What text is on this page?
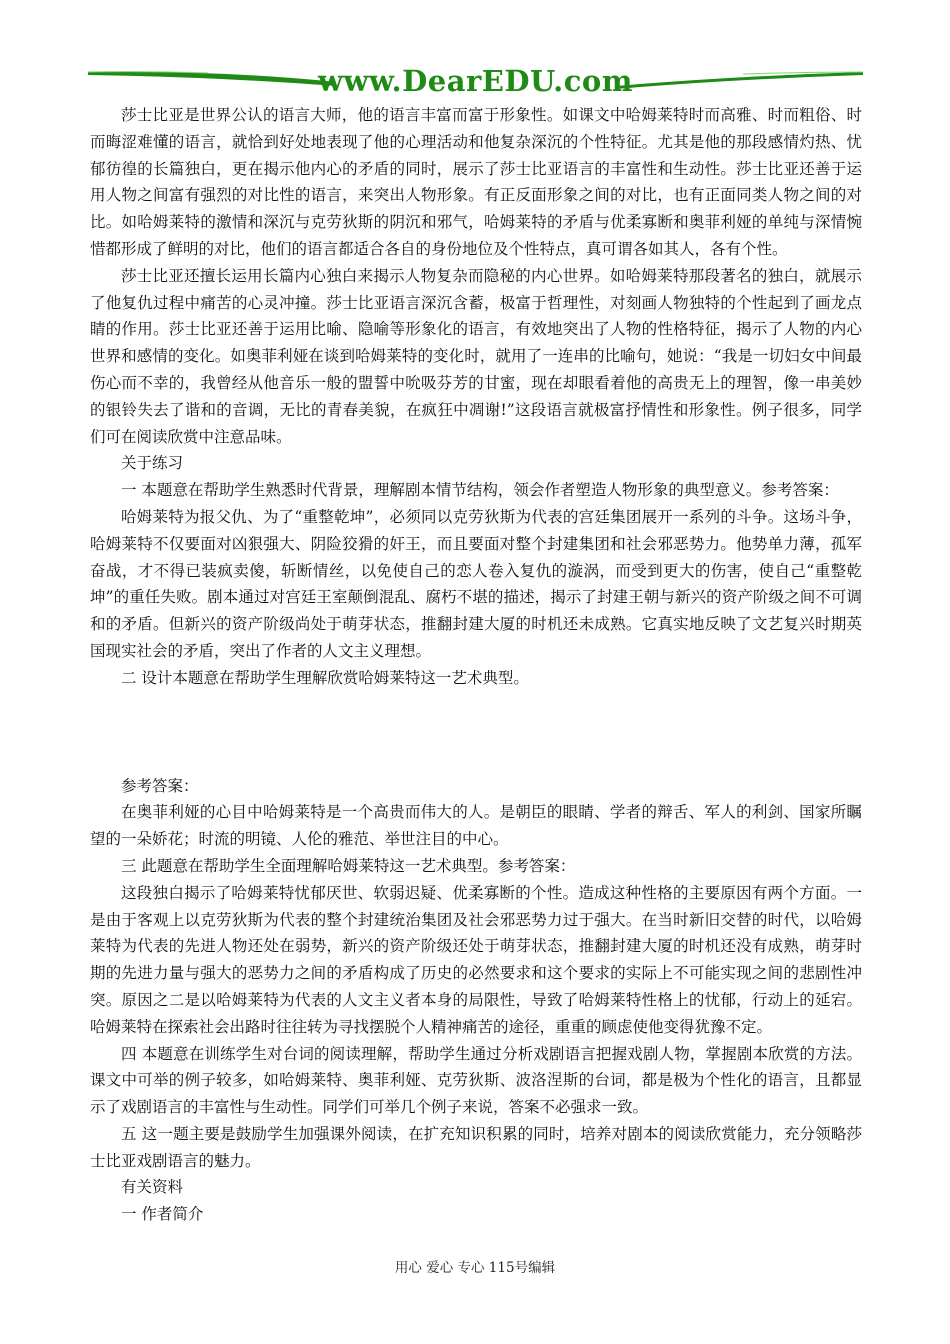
www.DearEDU.com

莎士比亚是世界公认的语言大师，他的语言丰富而富于形象性。如课文中哈姆莱特时而高雅、时而粗俗、时而晦涩难懂的语言，就恰到好处地表现了他的心理活动和他复杂深沉的个性特征。尤其是他的那段感情灼热、忧郁彷徨的长篇独白，更在揭示他内心的矛盾的同时，展示了莎士比亚语言的丰富性和生动性。莎士比亚还善于运用人物之间富有强烈的对比性的语言，来突出人物形象。有正反面形象之间的对比，也有正面同类人物之间的对比。如哈姆莱特的激情和深沉与克劳狄斯的阴沉和邪气，哈姆莱特的矛盾与优柔寡断和奥菲利娅的单纯与深情惋惜都形成了鲜明的对比，他们的语言都适合各自的身份地位及个性特点，真可谓各如其人，各有个性。

莎士比亚还擅长运用长篇内心独白来揭示人物复杂而隐秘的内心世界。如哈姆莱特那段著名的独白，就展示了他复仇过程中痛苦的心灵冲撞。莎士比亚语言深沉含蓄，极富于哲理性，对刻画人物独特的个性起到了画龙点睛的作用。莎士比亚还善于运用比喻、隐喻等形象化的语言，有效地突出了人物的性格特征，揭示了人物的内心世界和感情的变化。如奥菲利娅在谈到哈姆莱特的变化时，就用了一连串的比喻句，她说：“我是一切妇女中间最伤心而不幸的，我曾经从他音乐一般的盟誓中吮吸芬芳的甘蜜，现在却眼看着他的高贵无上的理智，像一串美妙的银铃失去了谐和的音调，无比的青春美貌，在疯狂中凋谢!”这段语言就极富抒情性和形象性。例子很多，同学们可在阅读欣赏中注意品味。

关于练习

一 本题意在帮助学生熟悉时代背景，理解剧本情节结构，领会作者塑造人物形象的典型意义。参考答案：

哈姆莱特为报父仇、为了“重整乾坤”，必须同以克劳狄斯为代表的宫廷集团展开一系列的斗争。这场斗争，哈姆莱特不仅要面对凶狠强大、阴险狡猾的奸王，而且要面对整个封建集团和社会邪恶势力。他势单力薄，孤军奋战，才不得已装疯卖傻，斩断情丝，以免使自己的恋人卷入复仇的漩涡，而受到更大的伤害，使自己“重整乾坤”的重任失败。剧本通过对宫廷王室颠倒混乱、腐朽不堪的描述，揭示了封建王朝与新兴的资产阶级之间不可调和的矛盾。但新兴的资产阶级尚处于萌芽状态，推翻封建大厦的时机还未成熟。它真实地反映了文艺复兴时期英国现实社会的矛盾，突出了作者的人文主义理想。

二 设计本题意在帮助学生理解欣赏哈姆莱特这一艺术典型。

参考答案：

在奥菲利娅的心目中哈姆莱特是一个高贵而伟大的人。是朝臣的眼睛、学者的辩舌、军人的利剑、国家所瞩望的一朵娇花；时流的明镜、人伦的雅范、举世注目的中心。

三 此题意在帮助学生全面理解哈姆莱特这一艺术典型。参考答案：

这段独白揭示了哈姆莱特忧郁厌世、软弱迟疑、优柔寡断的个性。造成这种性格的主要原因有两个方面。一是由于客观上以克劳狄斯为代表的整个封建统治集团及社会邪恶势力过于强大。在当时新旧交替的时代，以哈姆莱特为代表的先进人物还处在弱势，新兴的资产阶级还处于萌芽状态，推翻封建大厦的时机还没有成熟，萌芽时期的先进力量与强大的恶势力之间的矛盾构成了历史的必然要求和这个要求的实际上不可能实现之间的悲剧性冲突。原因之二是以哈姆莱特为代表的人文主义者本身的局限性，导致了哈姆莱特性格上的忧郁，行动上的延宕。哈姆莱特在探索社会出路时往往转为寻找摆脱个人精神痛苦的途径，重重的顾虑使他变得犹豫不定。

四 本题意在训练学生对台词的阅读理解，帮助学生通过分析戏剧语言把握戏剧人物，掌握剧本欣赏的方法。课文中可举的例子较多，如哈姆莱特、奥菲利娅、克劳狄斯、波洛涅斯的台词，都是极为个性化的语言，且都显示了戏剧语言的丰富性与生动性。同学们可举几个例子来说，答案不必强求一致。

五 这一题主要是鼓励学生加强课外阅读，在扩充知识积累的同时，培养对剧本的阅读欣赏能力，充分领略莎士比亚戏剧语言的魅力。

有关资料

一 作者简介

用心 爱心 专心 115号编辑
